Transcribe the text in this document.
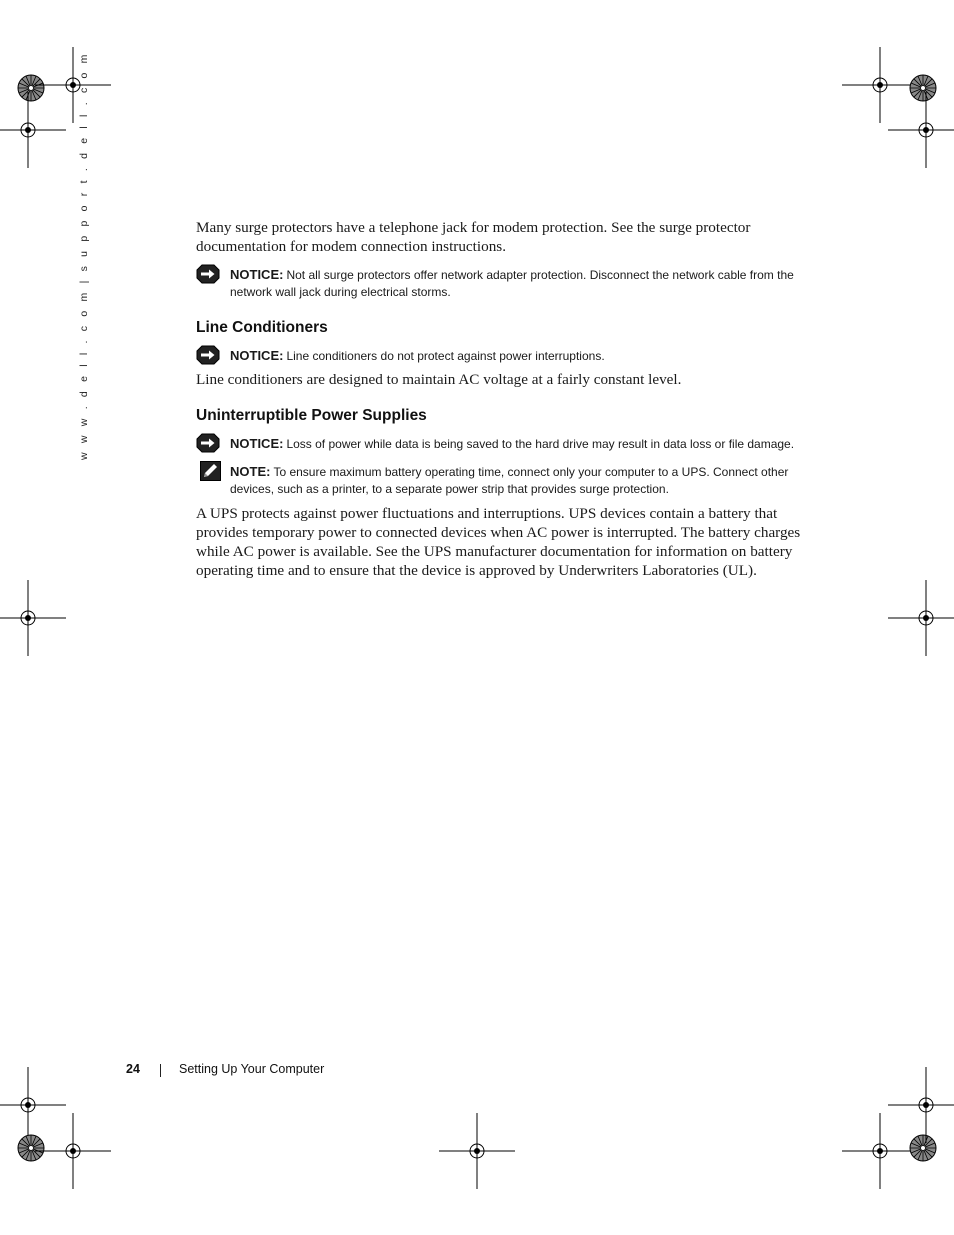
w w w . d e l l . c o m | s u p p o r t . d e l l . c o m	Many surge protectors have a telephone jack for modem protection. See the surge protector documentation for modem connection instructions.

NOTICE: Not all surge protectors offer network adapter protection. Disconnect the network cable from the network wall jack during electrical storms.
Line Conditioners
NOTICE: Line conditioners do not protect against power interruptions.

Line conditioners are designed to maintain AC voltage at a fairly constant level.

Uninterruptible Power Supplies
NOTICE: Loss of power while data is being saved to the hard drive may result in data loss or file damage.
NOTE: To ensure maximum battery operating time, connect only your computer to a UPS. Connect other devices, such as a printer, to a separate power strip that provides surge protection.

A UPS protects against power fluctuations and interruptions. UPS devices contain a battery that provides temporary power to connected devices when AC power is interrupted. The battery charges while AC power is available. See the UPS manufacturer documentation for information on battery operating time and to ensure that the device is approved by Underwriters Laboratories (UL).

24	Setting Up Your Computer
